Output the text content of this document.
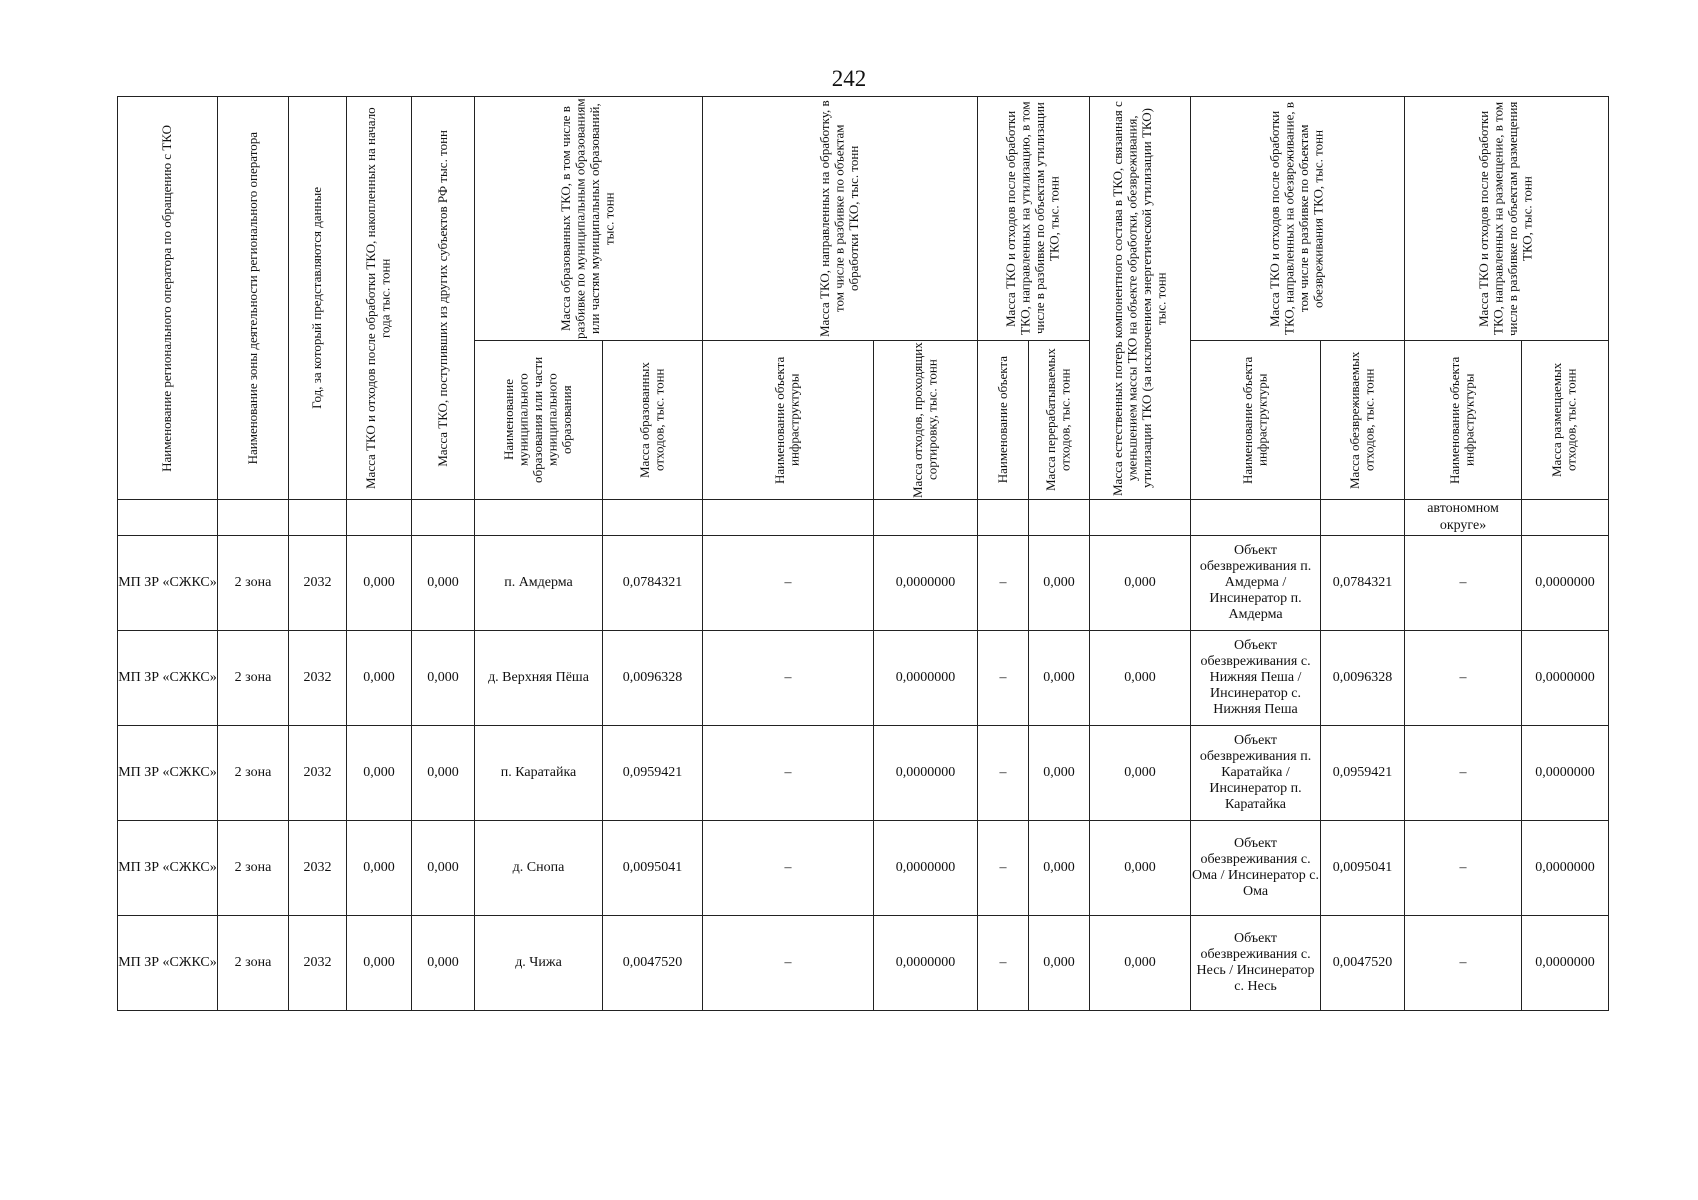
242
Наименование регионального оператора по обращению с ТКО	Наименование зоны деятельности регионального оператора	Год, за который представляются данные	Масса ТКО и отходов после обработки ТКО, накопленных на начало года тыс. тонн	Масса ТКО, поступивших из других субъектов РФ тыс. тонн	Масса образованных ТКО, в том числе в разбивке по муниципальным образованиям или частям муниципальных образований, тыс. тонн		Масса ТКО, направленных на обработку, в том числе в разбивке по объектам обработки ТКО, тыс. тонн		Масса ТКО и отходов после обработки ТКО, направленных на утилизацию, в том числе в разбивке по объектам утилизации ТКО, тыс. тонн		Масса естественных потерь компонентного состава в ТКО, связанная с уменьшением массы ТКО на объекте обработки, обезвреживания, утилизации ТКО (за исключением энергетической утилизации ТКО) тыс. тонн	Масса ТКО и отходов после обработки ТКО, направленных на обезвреживание, в том числе в разбивке по объектам обезвреживания ТКО, тыс. тонн		Масса ТКО и отходов после обработки ТКО, направленных на размещение, в том числе в разбивке по объектам размещения ТКО, тыс. тонн	

					Наименование муниципального образования или части муниципального образования	Масса образованных отходов, тыс. тонн	Наименование объекта инфраструктуры	Масса отходов, проходящих сортировку, тыс. тонн	Наименование объекта	Масса перерабатываемых отходов, тыс. тонн		Наименование объекта инфраструктуры	Масса обезвреживаемых отходов, тыс. тонн	Наименование объекта инфраструктуры	Масса размещаемых отходов, тыс. тонн

														автономном округе»	
МП ЗР «СЖКС»	2 зона	2032	0,000	0,000	п. Амдерма	0,0784321	–	0,0000000	–	0,000	0,000	Объект обезвреживания п. Амдерма / Инсинератор п. Амдерма	0,0784321	–	0,0000000
МП ЗР «СЖКС»	2 зона	2032	0,000	0,000	д. Верхняя Пёша	0,0096328	–	0,0000000	–	0,000	0,000	Объект обезвреживания с. Нижняя Пеша / Инсинератор с. Нижняя Пеша	0,0096328	–	0,0000000
МП ЗР «СЖКС»	2 зона	2032	0,000	0,000	п. Каратайка	0,0959421	–	0,0000000	–	0,000	0,000	Объект обезвреживания п. Каратайка / Инсинератор п. Каратайка	0,0959421	–	0,0000000
МП ЗР «СЖКС»	2 зона	2032	0,000	0,000	д. Снопа	0,0095041	–	0,0000000	–	0,000	0,000	Объект обезвреживания с. Ома / Инсинератор с. Ома	0,0095041	–	0,0000000
МП ЗР «СЖКС»	2 зона	2032	0,000	0,000	д. Чижа	0,0047520	–	0,0000000	–	0,000	0,000	Объект обезвреживания с. Несь / Инсинератор с. Несь	0,0047520	–	0,0000000
